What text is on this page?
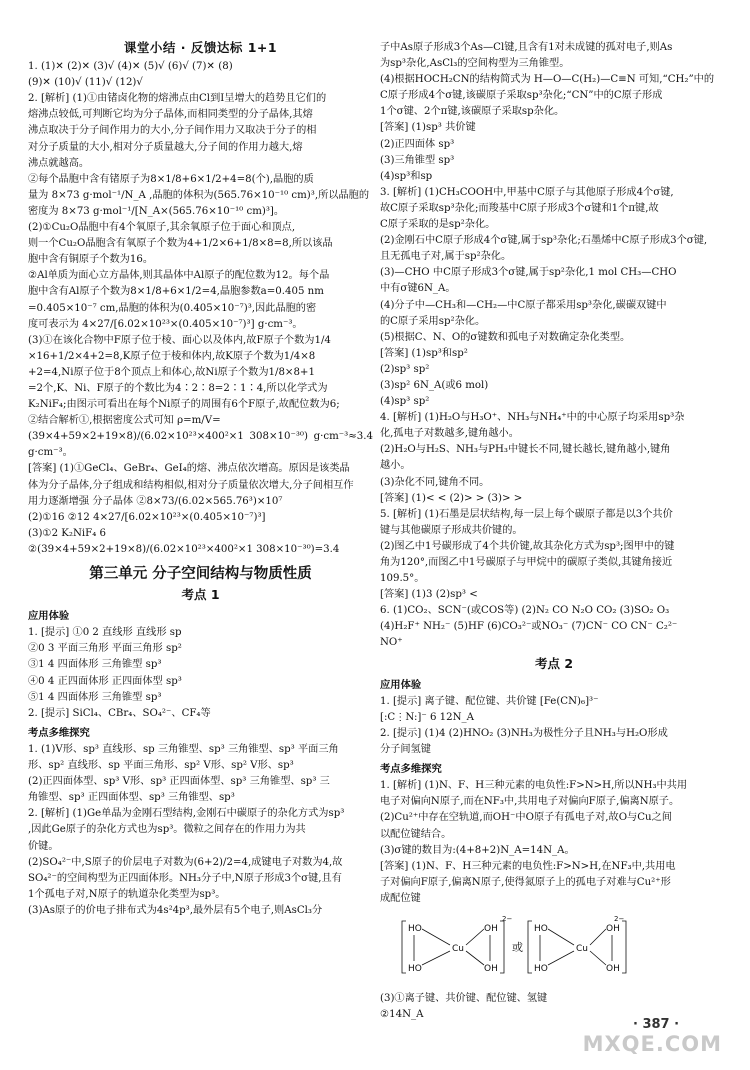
课堂小结 · 反馈达标 1+1
1. (1)✕ (2)✕ (3)√ (4)✕ (5)√ (6)√ (7)✕ (8)
(9)✕ (10)√ (11)√ (12)√
2. [解析] (1)①由锗卤化物的熔沸点由Cl到I呈增大的趋势且它们的
熔沸点较低,可判断它均为分子晶体,而相同类型的分子晶体,其熔
沸点取决于分子间作用力的大小,分子间作用力又取决于分子的相
对分子质量的大小,相对分子质量越大,分子间的作用力越大,熔
沸点就越高。
②每个晶胞中含有锗原子为8×1/8+6×1/2+4=8(个),晶胞的质
量为 8×73 g·mol⁻¹/N_A ,晶胞的体积为(565.76×10⁻¹⁰ cm)³,所以晶胞的
密度为 8×73 g·mol⁻¹/[N_A×(565.76×10⁻¹⁰ cm)³]。
(2)①Cu₂O晶胞中有4个氧原子,其余氧原子位于面心和顶点,
则一个Cu₂O晶胞含有氧原子个数为4+1/2×6+1/8×8=8,所以该晶
胞中含有铜原子个数为16。
②Al单质为面心立方晶体,则其晶体中Al原子的配位数为12。每个晶
胞中含有Al原子个数为8×1/8+6×1/2=4,晶胞参数a=0.405 nm
=0.405×10⁻⁷ cm,晶胞的体积为(0.405×10⁻⁷)³,因此晶胞的密
度可表示为 4×27/[6.02×10²³×(0.405×10⁻⁷)³] g·cm⁻³。
(3)①在该化合物中F原子位于棱、面心以及体内,故F原子个数为1/4
×16+1/2×4+2=8,K原子位于棱和体内,故K原子个数为1/4×8
+2=4,Ni原子位于8个顶点上和体心,故Ni原子个数为1/8×8+1
=2个,K、Ni、F原子的个数比为4∶2∶8=2∶1∶4,所以化学式为
K₂NiF₄;由图示可看出在每个Ni原子的周围有6个F原子,故配位数为6;
②结合解析①,根据密度公式可知 ρ=m/V=
(39×4+59×2+19×8)/(6.02×10²³×400²×1 308×10⁻³⁰) g·cm⁻³≈3.4 g·cm⁻³。
[答案] (1)①GeCl₄、GeBr₄、GeI₄的熔、沸点依次增高。原因是该类晶
体为分子晶体,分子组成和结构相似,相对分子质量依次增大,分子间相互作
用力逐渐增强 分子晶体 ②8×73/(6.02×565.76³)×10⁷
(2)①16 ②12 4×27/[6.02×10²³×(0.405×10⁻⁷)³]
(3)①2 K₂NiF₄ 6
②(39×4+59×2+19×8)/(6.02×10²³×400²×1 308×10⁻³⁰)=3.4
第三单元 分子空间结构与物质性质
考点 1
应用体验
1. [提示] ①0 2 直线形 直线形 sp
②0 3 平面三角形 平面三角形 sp²
③1 4 四面体形 三角锥型 sp³
④0 4 正四面体形 正四面体型 sp³
⑤1 4 四面体形 三角锥型 sp³
2. [提示] SiCl₄、CBr₄、SO₄²⁻、CF₄等
考点多维探究
1. (1)V形、sp³ 直线形、sp 三角锥型、sp³ 三角锥型、sp³ 平面三角
形、sp² 直线形、sp 平面三角形、sp² V形、sp² V形、sp³
(2)正四面体型、sp³ V形、sp³ 正四面体型、sp³ 三角锥型、sp³ 三
角锥型、sp³ 正四面体型、sp³ 三角锥型、sp³
2. [解析] (1)Ge单晶为金刚石型结构,金刚石中碳原子的杂化方式为sp³
,因此Ge原子的杂化方式也为sp³。微粒之间存在的作用力为共
价键。
(2)SO₄²⁻中,S原子的价层电子对数为(6+2)/2=4,成键电子对数为4,故
SO₄²⁻的空间构型为正四面体形。NH₃分子中,N原子形成3个σ键,且有
1个孤电子对,N原子的轨道杂化类型为sp³。
(3)As原子的价电子排布式为4s²4p³,最外层有5个电子,则AsCl₃分
子中As原子形成3个As—Cl键,且含有1对未成键的孤对电子,则As
为sp³杂化,AsCl₃的空间构型为三角锥型。
(4)根据HOCH₂CN的结构简式为 H—O—C(H₂)—C≡N 可知,“CH₂”中的
C原子形成4个σ键,该碳原子采取sp³杂化;“CN”中的C原子形成
1个σ键、2个π键,该碳原子采取sp杂化。
[答案] (1)sp³ 共价键
(2)正四面体 sp³
(3)三角锥型 sp³
(4)sp³和sp
3. [解析] (1)CH₃COOH中,甲基中C原子与其他原子形成4个σ键,
故C原子采取sp³杂化;而羧基中C原子形成3个σ键和1个π键,故
C原子采取的是sp²杂化。
(2)金刚石中C原子形成4个σ键,属于sp³杂化;石墨烯中C原子形成3个σ键,
且无孤电子对,属于sp²杂化。
(3)—CHO 中C原子形成3个σ键,属于sp²杂化,1 mol CH₃—CHO
中有σ键6N_A。
(4)分子中—CH₃和—CH₂—中C原子都采用sp³杂化,碳碳双键中
的C原子采用sp²杂化。
(5)根据C、N、O的σ键数和孤电子对数确定杂化类型。
[答案] (1)sp³和sp²
(2)sp³ sp²
(3)sp² 6N_A(或6 mol)
(4)sp³ sp²
4. [解析] (1)H₂O与H₃O⁺、NH₃与NH₄⁺中的中心原子均采用sp³杂
化,孤电子对数越多,键角越小。
(2)H₂O与H₂S、NH₃与PH₃中键长不同,键长越长,键角越小,键角
越小。
(3)杂化不同,键角不同。
[答案] (1)< < (2)> > (3)> >
5. [解析] (1)石墨是层状结构,每一层上每个碳原子都是以3个共价
键与其他碳原子形成共价键的。
(2)图乙中1号碳形成了4个共价键,故其杂化方式为sp³;图甲中的键
角为120°,而图乙中1号碳原子与甲烷中的碳原子类似,其键角接近
109.5°。
[答案] (1)3 (2)sp³ <
6. (1)CO₂、SCN⁻(或COS等) (2)N₂ CO N₂O CO₂ (3)SO₂ O₃
(4)H₂F⁺ NH₂⁻ (5)HF (6)CO₃²⁻或NO₃⁻ (7)CN⁻ CO CN⁻ C₂²⁻
NO⁺
考点 2
应用体验
1. [提示] 离子键、配位键、共价键 [Fe(CN)₆]³⁻
[:C⋮N:]⁻ 6 12N_A
2. [提示] (1)4 (2)HNO₂ (3)NH₃为极性分子且NH₃与H₂O形成
分子间氢键
考点多维探究
1. [解析] (1)N、F、H三种元素的电负性:F>N>H,所以NH₃中共用
电子对偏向N原子,而在NF₃中,共用电子对偏向F原子,偏离N原子。
(2)Cu²⁺中存在空轨道,而OH⁻中O原子有孤电子对,故O与Cu之间
以配位键结合。
(3)σ键的数目为:(4+8+2)N_A=14N_A。
[答案] (1)N、F、H三种元素的电负性:F>N>H,在NF₃中,共用电
子对偏向F原子,偏离N原子,使得氮原子上的孤电子对难与Cu²⁺形
成配位键
HO
HO
Cu
OH
OH
2−
或
HO
HO
Cu
OH
OH
2−
(3)①离子键、共价键、配位键、氢键
②14N_A
· 387 ·
MXQE.COM
